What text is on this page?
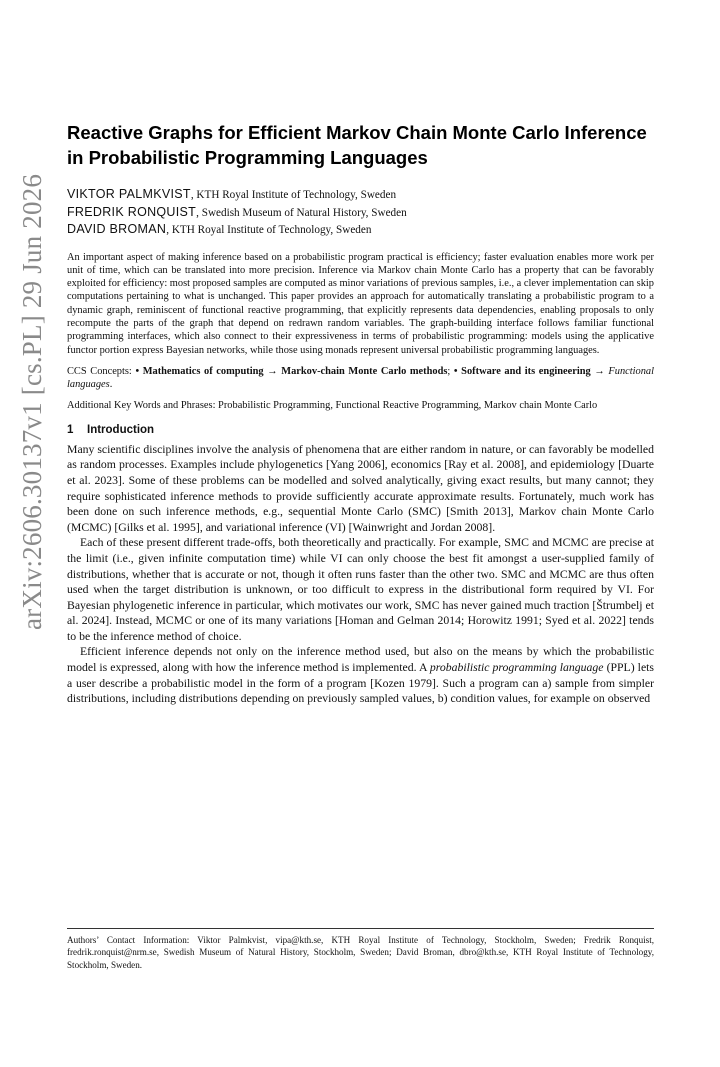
arXiv:2606.30137v1 [cs.PL] 29 Jun 2026
Reactive Graphs for Efficient Markov Chain Monte Carlo Inference in Probabilistic Programming Languages
VIKTOR PALMKVIST, KTH Royal Institute of Technology, Sweden
FREDRIK RONQUIST, Swedish Museum of Natural History, Sweden
DAVID BROMAN, KTH Royal Institute of Technology, Sweden

An important aspect of making inference based on a probabilistic program practical is efficiency; faster evaluation enables more work per unit of time, which can be translated into more precision. Inference via Markov chain Monte Carlo has a property that can be favorably exploited for efficiency: most proposed samples are computed as minor variations of previous samples, i.e., a clever implementation can skip computations pertaining to what is unchanged. This paper provides an approach for automatically translating a probabilistic program to a dynamic graph, reminiscent of functional reactive programming, that explicitly represents data dependencies, enabling proposals to only recompute the parts of the graph that depend on redrawn random variables. The graph-building interface follows familiar functional programming interfaces, which also connect to their expressiveness in terms of probabilistic programming: models using the applicative functor portion express Bayesian networks, while those using monads represent universal probabilistic programming languages.

CCS Concepts: • Mathematics of computing → Markov-chain Monte Carlo methods; • Software and its engineering → Functional languages.

Additional Key Words and Phrases: Probabilistic Programming, Functional Reactive Programming, Markov chain Monte Carlo

1 Introduction

Many scientific disciplines involve the analysis of phenomena that are either random in nature, or can favorably be modelled as random processes. Examples include phylogenetics [Yang 2006], economics [Ray et al. 2008], and epidemiology [Duarte et al. 2023]. Some of these problems can be modelled and solved analytically, giving exact results, but many cannot; they require sophisticated inference methods to provide sufficiently accurate approximate results. Fortunately, much work has been done on such inference methods, e.g., sequential Monte Carlo (SMC) [Smith 2013], Markov chain Monte Carlo (MCMC) [Gilks et al. 1995], and variational inference (VI) [Wainwright and Jordan 2008].

Each of these present different trade-offs, both theoretically and practically. For example, SMC and MCMC are precise at the limit (i.e., given infinite computation time) while VI can only choose the best fit amongst a user-supplied family of distributions, whether that is accurate or not, though it often runs faster than the other two. SMC and MCMC are thus often used when the target distribution is unknown, or too difficult to express in the distributional form required by VI. For Bayesian phylogenetic inference in particular, which motivates our work, SMC has never gained much traction [Štrumbelj et al. 2024]. Instead, MCMC or one of its many variations [Homan and Gelman 2014; Horowitz 1991; Syed et al. 2022] tends to be the inference method of choice.

Efficient inference depends not only on the inference method used, but also on the means by which the probabilistic model is expressed, along with how the inference method is implemented. A probabilistic programming language (PPL) lets a user describe a probabilistic model in the form of a program [Kozen 1979]. Such a program can a) sample from simpler distributions, including distributions depending on previously sampled values, b) condition values, for example on observed

Authors’ Contact Information: Viktor Palmkvist, vipa@kth.se, KTH Royal Institute of Technology, Stockholm, Sweden; Fredrik Ronquist, fredrik.ronquist@nrm.se, Swedish Museum of Natural History, Stockholm, Sweden; David Broman, dbro@kth.se, KTH Royal Institute of Technology, Stockholm, Sweden.
